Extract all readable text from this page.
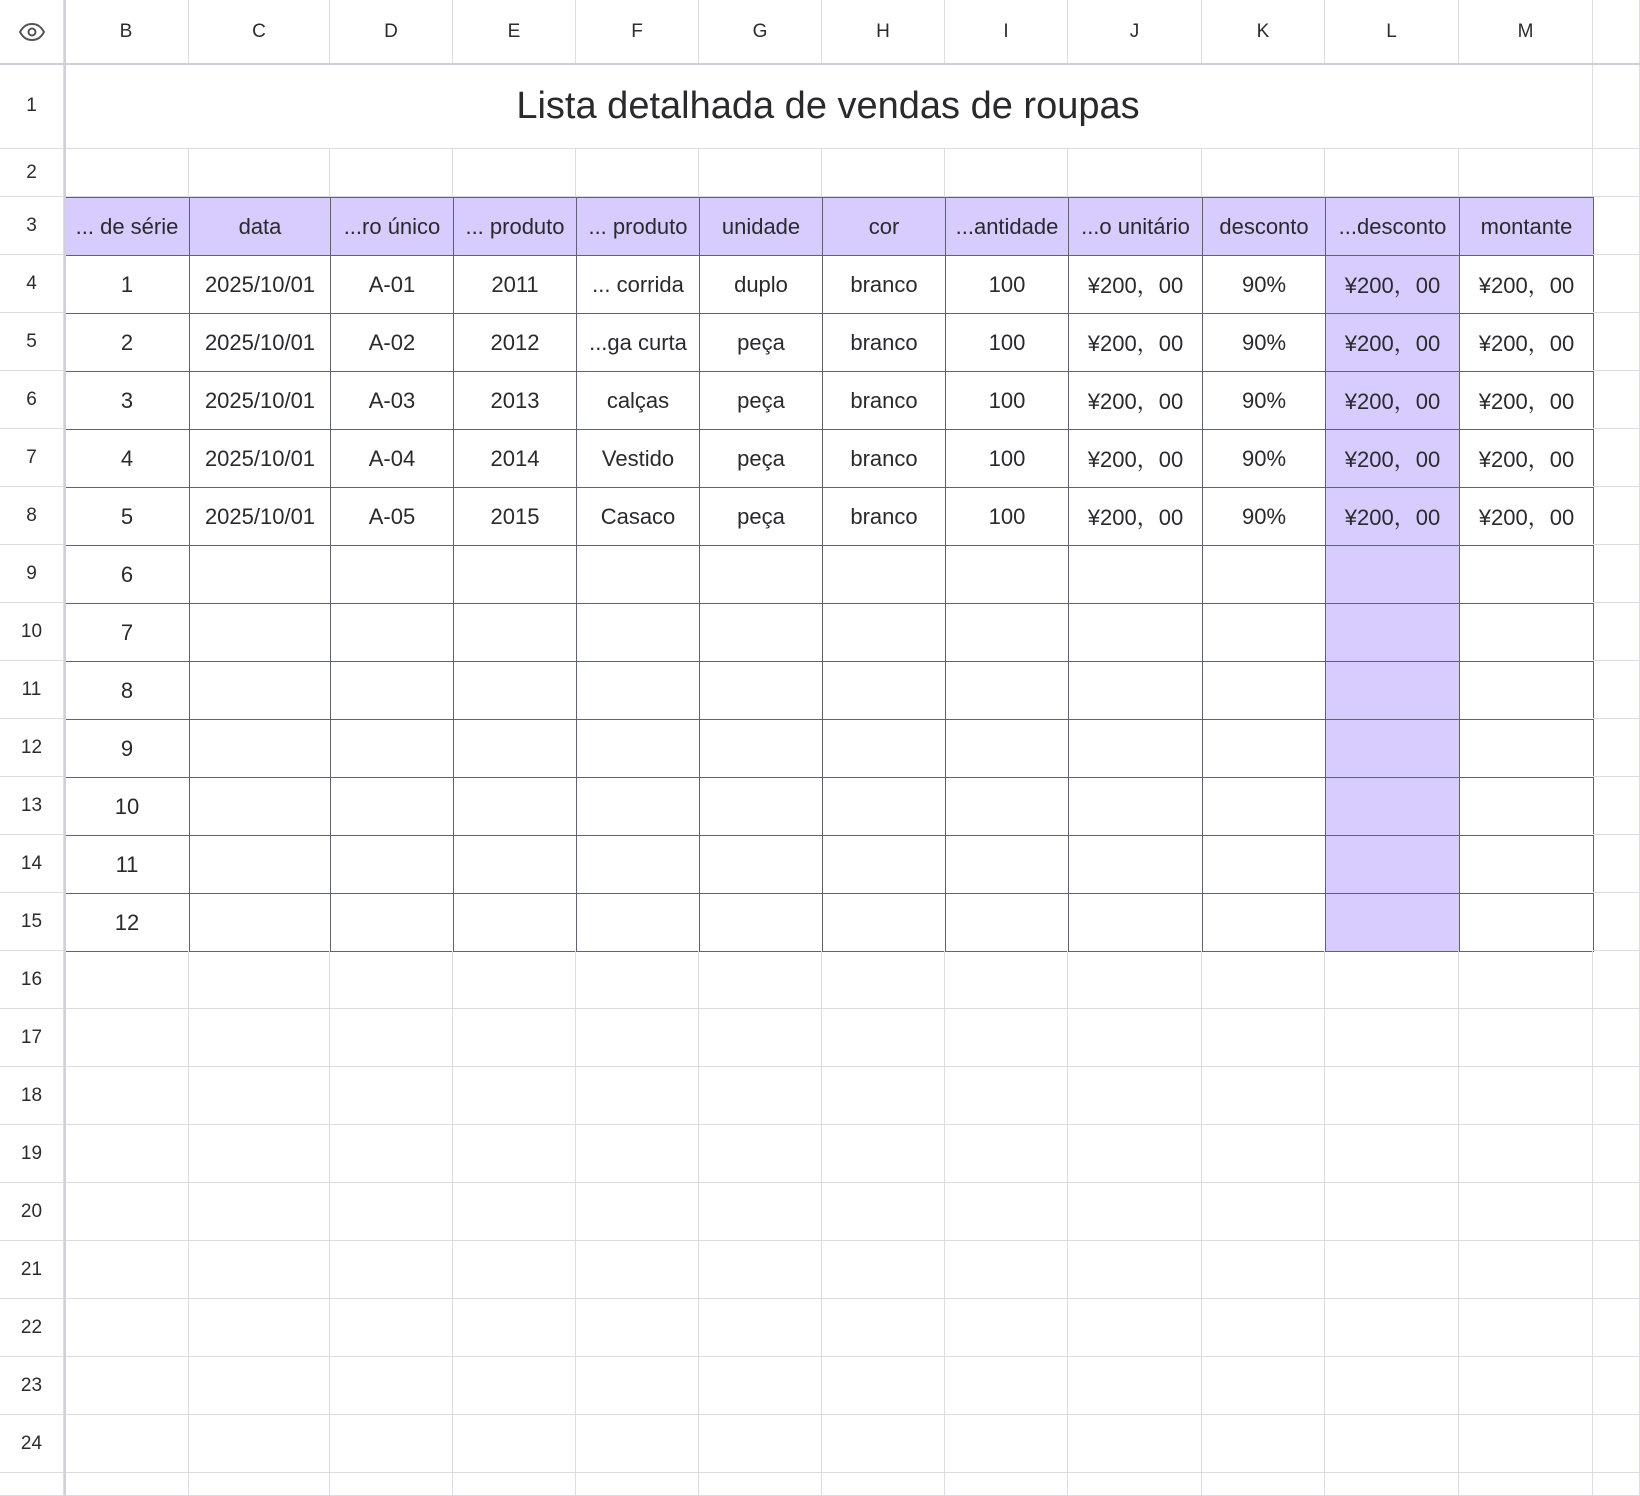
B	C	D	E	F	G	H	I	J	K	L	M
1
2
3
4
5
6
7
8
9
10
11
12
13
14
15
16
17
18
19
20
21
22
23
24
Lista detalhada de vendas de roupas
... de série	data	...ro único	... produto	... produto	unidade	cor	...antidade	...o unitário	desconto	...desconto	montante
1	2025/10/01	A-01	2011	... corrida	duplo	branco	100	¥200，00	90%	¥200，00	¥200，00
2	2025/10/01	A-02	2012	...ga curta	peça	branco	100	¥200，00	90%	¥200，00	¥200，00
3	2025/10/01	A-03	2013	calças	peça	branco	100	¥200，00	90%	¥200，00	¥200，00
4	2025/10/01	A-04	2014	Vestido	peça	branco	100	¥200，00	90%	¥200，00	¥200，00
5	2025/10/01	A-05	2015	Casaco	peça	branco	100	¥200，00	90%	¥200，00	¥200，00
6
7
8
9
10
11
12
